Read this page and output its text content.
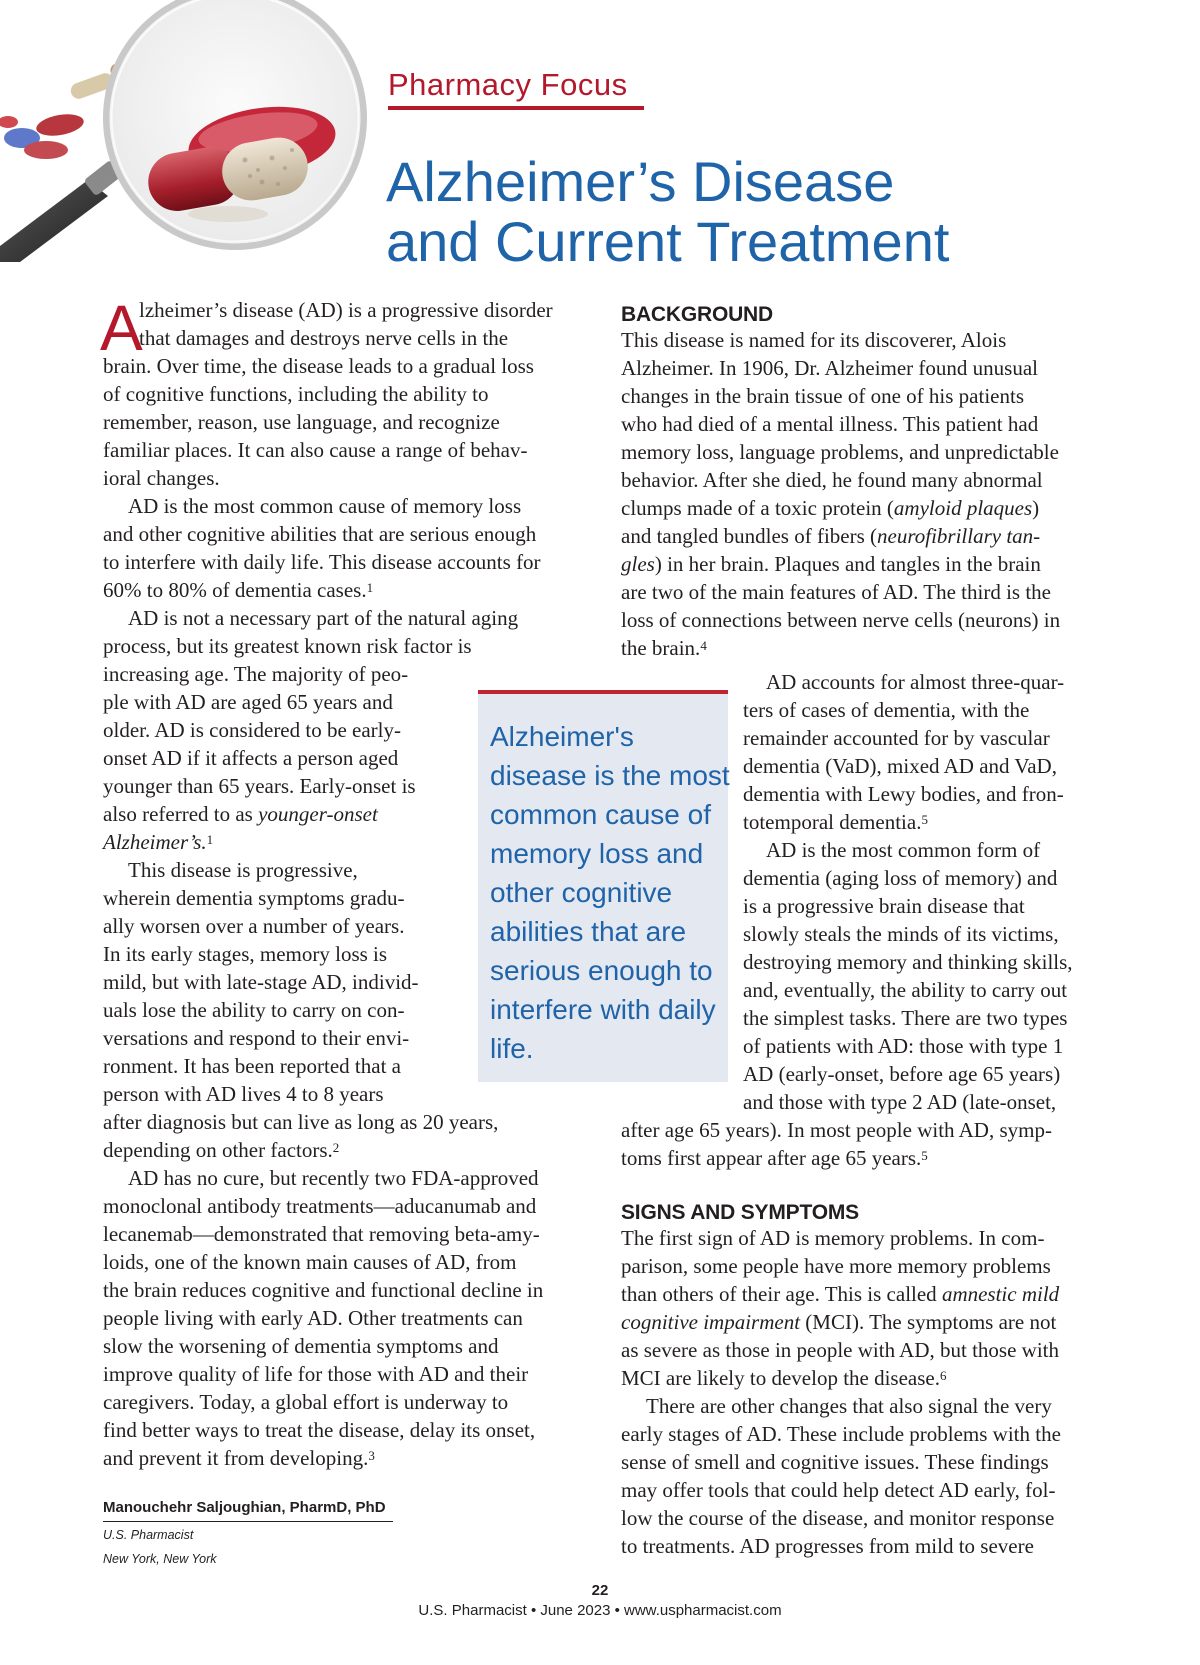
Pharmacy Focus
Alzheimer’s Disease
and Current Treatment
A
lzheimer’s disease (AD) is a progressive disorder
that damages and destroys nerve cells in the
brain. Over time, the disease leads to a gradual loss
of cognitive functions, including the ability to
remember, reason, use language, and recognize
familiar places. It can also cause a range of behav-
ioral changes.
AD is the most common cause of memory loss
and other cognitive abilities that are serious enough
to interfere with daily life. This disease accounts for
60% to 80% of dementia cases.$^1$
AD is not a necessary part of the natural aging
process, but its greatest known risk factor is
increasing age. The majority of peo-
ple with AD are aged 65 years and
older. AD is considered to be early-
onset AD if it affects a person aged
younger than 65 years. Early-onset is
also referred to as younger-onset
Alzheimer’s.$^1$
This disease is progressive,
wherein dementia symptoms gradu-
ally worsen over a number of years.
In its early stages, memory loss is
mild, but with late-stage AD, individ-
uals lose the ability to carry on con-
versations and respond to their envi-
ronment. It has been reported that a
person with AD lives 4 to 8 years
after diagnosis but can live as long as 20 years,
depending on other factors.$^2$
AD has no cure, but recently two FDA-approved
monoclonal antibody treatments—aducanumab and
lecanemab—demonstrated that removing beta-amy-
loids, one of the known main causes of AD, from
the brain reduces cognitive and functional decline in
people living with early AD. Other treatments can
slow the worsening of dementia symptoms and
improve quality of life for those with AD and their
caregivers. Today, a global effort is underway to
find better ways to treat the disease, delay its onset,
and prevent it from developing.$^3$
Alzheimer's
disease is the most
common cause of
memory loss and
other cognitive
abilities that are
serious enough to
interfere with daily
life.
BACKGROUND
This disease is named for its discoverer, Alois
Alzheimer. In 1906, Dr. Alzheimer found unusual
changes in the brain tissue of one of his patients
who had died of a mental illness. This patient had
memory loss, language problems, and unpredictable
behavior. After she died, he found many abnormal
clumps made of a toxic protein (amyloid plaques)
and tangled bundles of fibers (neurofibrillary tan-
gles) in her brain. Plaques and tangles in the brain
are two of the main features of AD. The third is the
loss of connections between nerve cells (neurons) in
the brain.$^4$
AD accounts for almost three-quar-
ters of cases of dementia, with the
remainder accounted for by vascular
dementia (VaD), mixed AD and VaD,
dementia with Lewy bodies, and fron-
totemporal dementia.$^5$
AD is the most common form of
dementia (aging loss of memory) and
is a progressive brain disease that
slowly steals the minds of its victims,
destroying memory and thinking skills,
and, eventually, the ability to carry out
the simplest tasks. There are two types
of patients with AD: those with type 1
AD (early-onset, before age 65 years)
and those with type 2 AD (late-onset,
after age 65 years). In most people with AD, symp-
toms first appear after age 65 years.$^5$
SIGNS AND SYMPTOMS
The first sign of AD is memory problems. In com-
parison, some people have more memory problems
than others of their age. This is called amnestic mild
cognitive impairment (MCI). The symptoms are not
as severe as those in people with AD, but those with
MCI are likely to develop the disease.$^6$
There are other changes that also signal the very
early stages of AD. These include problems with the
sense of smell and cognitive issues. These findings
may offer tools that could help detect AD early, fol-
low the course of the disease, and monitor response
to treatments. AD progresses from mild to severe
Manouchehr Saljoughian, PharmD, PhD
U.S. Pharmacist
New York, New York
22
U.S. Pharmacist • June 2023 • www.uspharmacist.com
